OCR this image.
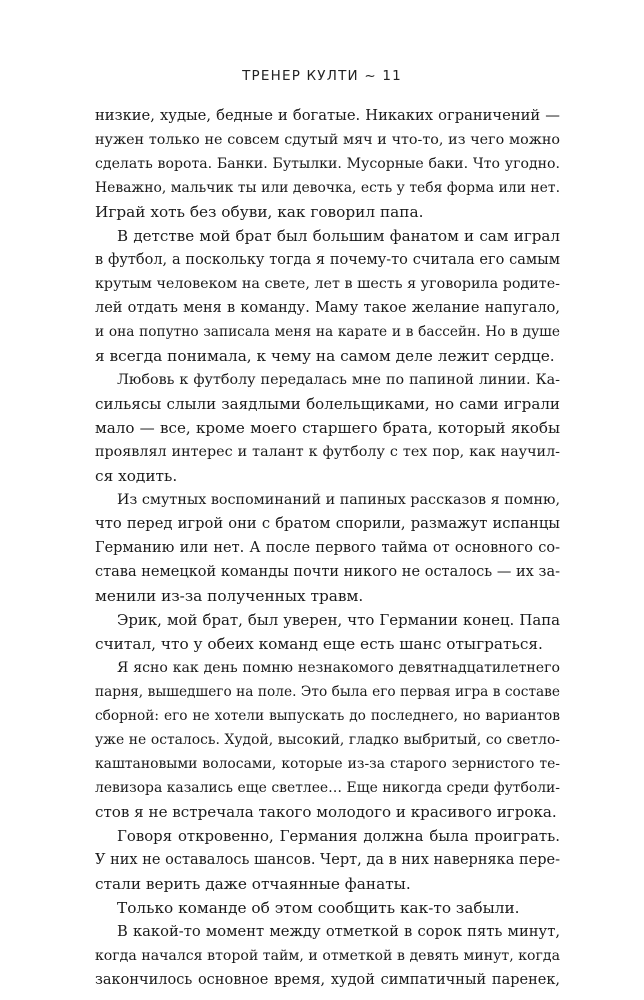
ТРЕНЕР КУЛТИ ~ 11
низкие, худые, бедные и богатые. Никаких ограничений —
нужен только не совсем сдутый мяч и что-то, из чего можно
сделать ворота. Банки. Бутылки. Мусорные баки. Что угодно.
Неважно, мальчик ты или девочка, есть у тебя форма или нет.
Играй хоть без обуви, как говорил папа.
В детстве мой брат был большим фанатом и сам играл
в футбол, а поскольку тогда я почему-то считала его самым
крутым человеком на свете, лет в шесть я уговорила родите-
лей отдать меня в команду. Маму такое желание напугало,
и она попутно записала меня на карате и в бассейн. Но в душе
я всегда понимала, к чему на самом деле лежит сердце.
Любовь к футболу передалась мне по папиной линии. Ка-
сильясы слыли заядлыми болельщиками, но сами играли
мало — все, кроме моего старшего брата, который якобы
проявлял интерес и талант к футболу с тех пор, как научил-
ся ходить.
Из смутных воспоминаний и папиных рассказов я помню,
что перед игрой они с братом спорили, размажут испанцы
Германию или нет. А после первого тайма от основного со-
става немецкой команды почти никого не осталось — их за-
менили из-за полученных травм.
Эрик, мой брат, был уверен, что Германии конец. Папа
считал, что у обеих команд еще есть шанс отыграться.
Я ясно как день помню незнакомого девятнадцатилетнего
парня, вышедшего на поле. Это была его первая игра в составе
сборной: его не хотели выпускать до последнего, но вариантов
уже не осталось. Худой, высокий, гладко выбритый, со светло-
каштановыми волосами, которые из-за старого зернистого те-
левизора казались еще светлее… Еще никогда среди футболи-
стов я не встречала такого молодого и красивого игрока.
Говоря откровенно, Германия должна была проиграть.
У них не оставалось шансов. Черт, да в них наверняка пере-
стали верить даже отчаянные фанаты.
Только команде об этом сообщить как-то забыли.
В какой-то момент между отметкой в сорок пять минут,
когда начался второй тайм, и отметкой в девять минут, когда
закончилось основное время, худой симпатичный паренек,
